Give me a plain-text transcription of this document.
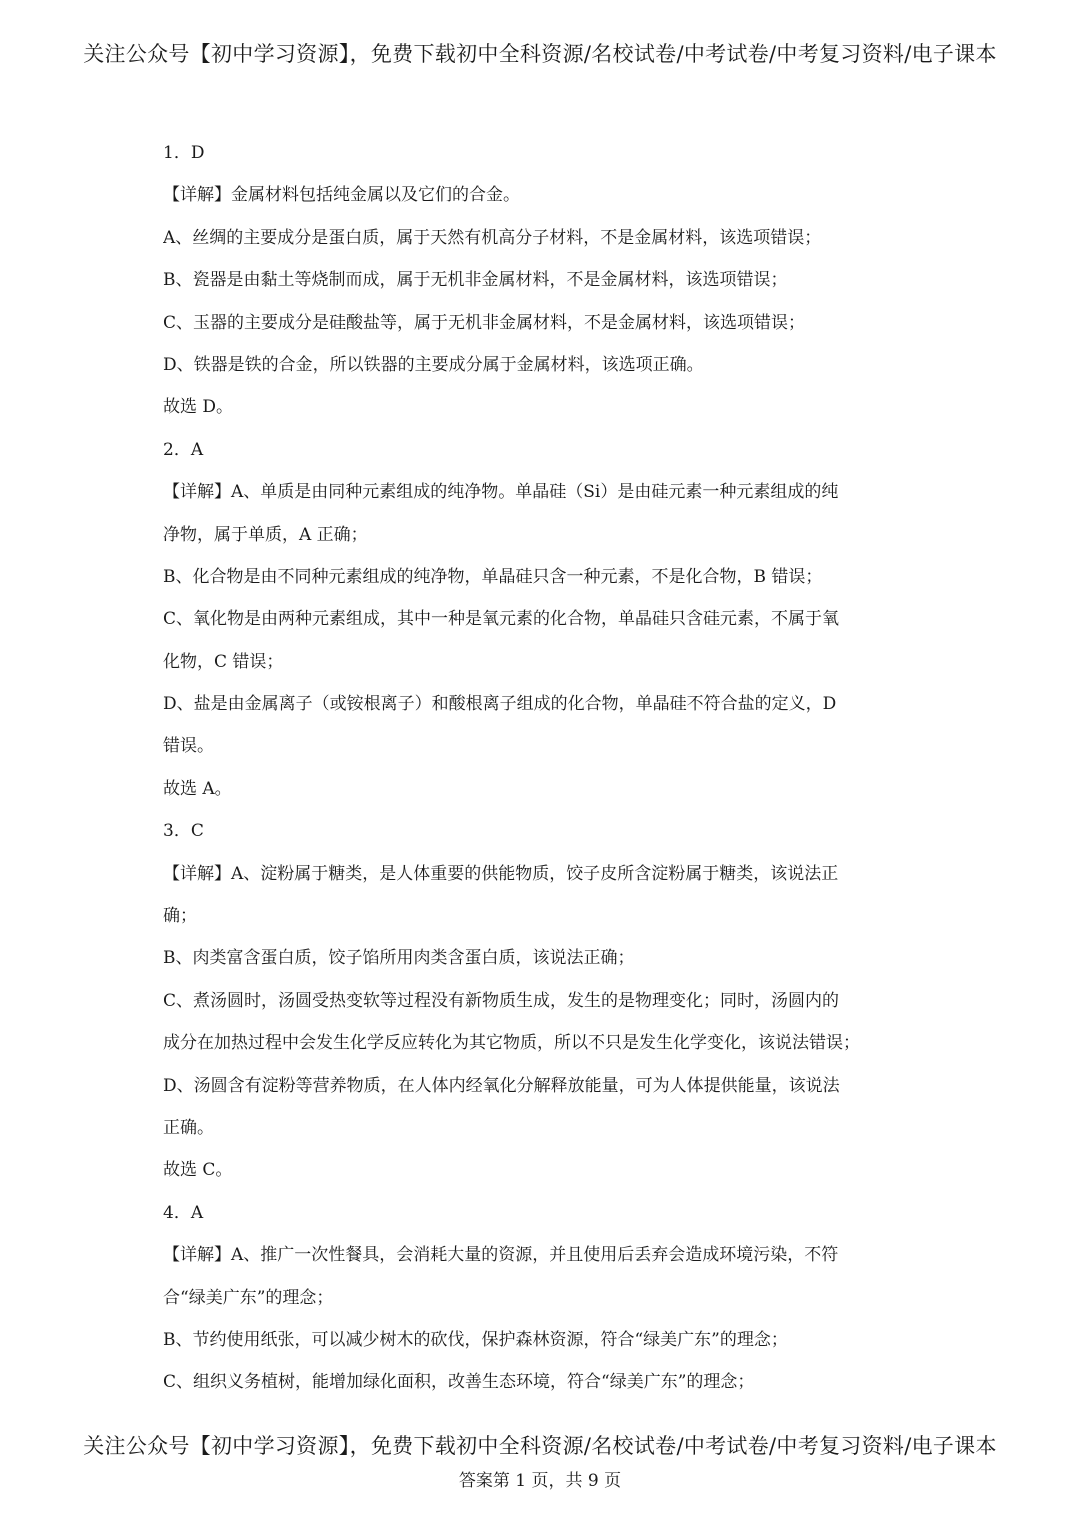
关注公众号【初中学习资源】，免费下载初中全科资源/名校试卷/中考试卷/中考复习资料/电子课本
1．D
【详解】金属材料包括纯金属以及它们的合金。
A、丝绸的主要成分是蛋白质，属于天然有机高分子材料，不是金属材料，该选项错误；
B、瓷器是由黏土等烧制而成，属于无机非金属材料，不是金属材料，该选项错误；
C、玉器的主要成分是硅酸盐等，属于无机非金属材料，不是金属材料，该选项错误；
D、铁器是铁的合金，所以铁器的主要成分属于金属材料，该选项正确。
故选 D。
2．A
【详解】A、单质是由同种元素组成的纯净物。单晶硅（Si）是由硅元素一种元素组成的纯
净物，属于单质，A 正确；
B、化合物是由不同种元素组成的纯净物，单晶硅只含一种元素，不是化合物，B 错误；
C、氧化物是由两种元素组成，其中一种是氧元素的化合物，单晶硅只含硅元素，不属于氧
化物，C 错误；
D、盐是由金属离子（或铵根离子）和酸根离子组成的化合物，单晶硅不符合盐的定义，D
错误。
故选 A。
3．C
【详解】A、淀粉属于糖类，是人体重要的供能物质，饺子皮所含淀粉属于糖类，该说法正
确；
B、肉类富含蛋白质，饺子馅所用肉类含蛋白质，该说法正确；
C、煮汤圆时，汤圆受热变软等过程没有新物质生成，发生的是物理变化；同时，汤圆内的
成分在加热过程中会发生化学反应转化为其它物质，所以不只是发生化学变化，该说法错误；
D、汤圆含有淀粉等营养物质，在人体内经氧化分解释放能量，可为人体提供能量，该说法
正确。
故选 C。
4．A
【详解】A、推广一次性餐具，会消耗大量的资源，并且使用后丢弃会造成环境污染，不符
合“绿美广东”的理念；
B、节约使用纸张，可以减少树木的砍伐，保护森林资源，符合“绿美广东”的理念；
C、组织义务植树，能增加绿化面积，改善生态环境，符合“绿美广东”的理念；
关注公众号【初中学习资源】，免费下载初中全科资源/名校试卷/中考试卷/中考复习资料/电子课本
答案第 1 页，共 9 页
